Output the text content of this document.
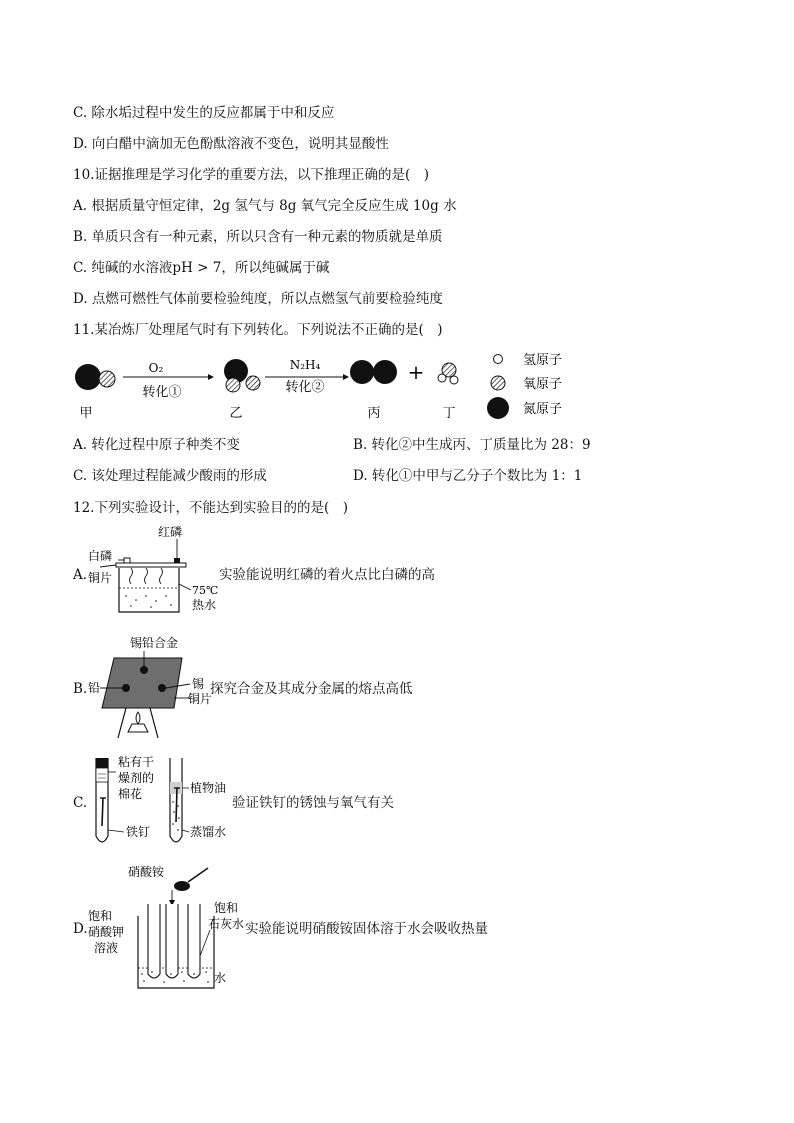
C. 除水垢过程中发生的反应都属于中和反应
D. 向白醋中滴加无色酚酞溶液不变色，说明其显酸性
10.证据推理是学习化学的重要方法，以下推理正确的是(　)
A. 根据质量守恒定律，2g 氢气与 8g 氧气完全反应生成 10g 水
B. 单质只含有一种元素，所以只含有一种元素的物质就是单质
C. 纯碱的水溶液pH > 7，所以纯碱属于碱
D. 点燃可燃性气体前要检验纯度，所以点燃氢气前要检验纯度
11.某冶炼厂处理尾气时有下列转化。下列说法不正确的是(　)
O₂
转化①
N₂H₄
转化②
+	氢原子
氧原子
氮原子
甲	乙	丙	丁
A. 转化过程中原子种类不变	B. 转化②中生成丙、丁质量比为 28：9
C. 该处理过程能减少酸雨的形成	D. 转化①中甲与乙分子个数比为 1：1
12.下列实验设计，不能达到实验目的的是(　)
A.
红磷
白磷
铜片
75℃
热水
实验能说明红磷的着火点比白磷的高
B.
锡铅合金
铅	锡
铜片
探究合金及其成分金属的熔点高低
C.
粘有干
燥剂的
棉花	植物油
铁钉	蒸馏水
验证铁钉的锈蚀与氧气有关
D.
硝酸铵
饱和
硝酸钾
溶液
饱和
石灰水
水
实验能说明硝酸铵固体溶于水会吸收热量
